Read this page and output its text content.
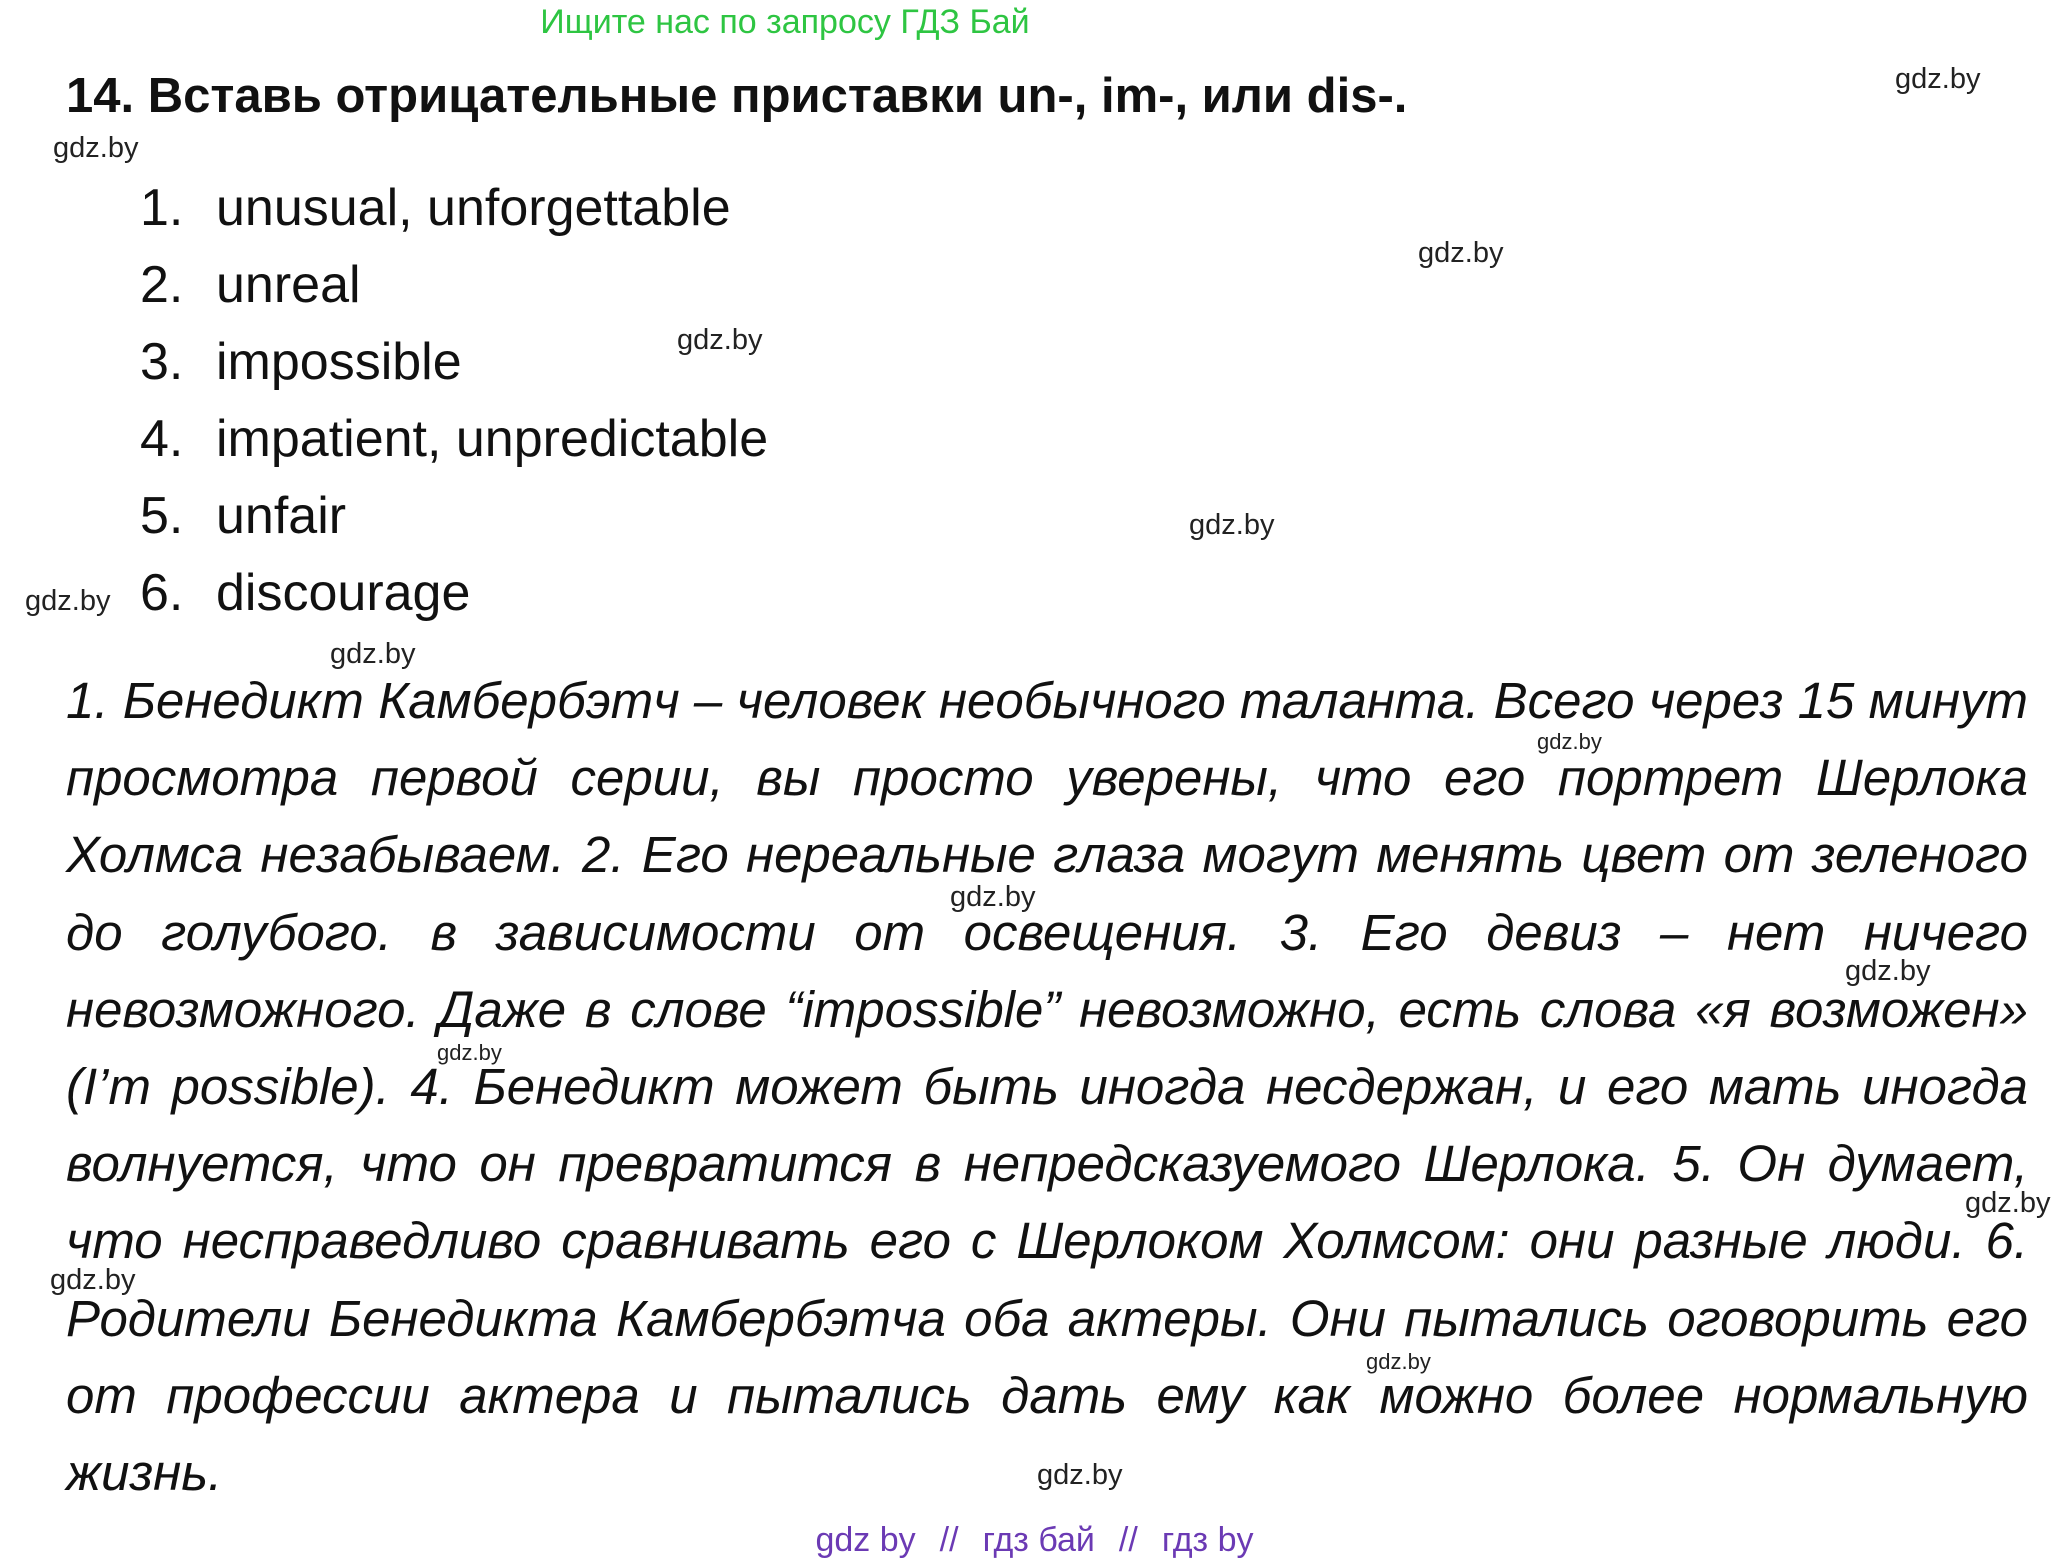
Ищите нас по запросу ГДЗ Бай
14. Вставь отрицательные приставки un-, im-, или dis-.
1. unusual, unforgettable
2. unreal
3. impossible
4. impatient, unpredictable
5. unfair
6. discourage
1. Бенедикт Камбербэтч – человек необычного таланта. Всего через 15 минут просмотра первой серии, вы просто уверены, что его портрет Шерлока Холмса незабываем. 2. Его нереальные глаза могут менять цвет от зеленого до голубого. в зависимости от освещения. 3. Его девиз – нет ничего невозможного. Даже в слове “impossible” невозможно, есть слова «я возможен» (I’m possible). 4. Бенедикт может быть иногда несдержан, и его мать иногда волнуется, что он превратится в непредсказуемого Шерлока. 5. Он думает, что несправедливо сравнивать его с Шерлоком Холмсом: они разные люди. 6. Родители Бенедикта Камбербэтча оба актеры. Они пытались оговорить его от профессии актера и пытались дать ему как можно более нормальную жизнь.
gdz.by
gdz.by
gdz.by
gdz.by
gdz.by
gdz.by
gdz.by
gdz.by
gdz.by
gdz.by
gdz.by
gdz.by
gdz.by
gdz.by
gdz.by
gdz by // гдз бай // гдз by
